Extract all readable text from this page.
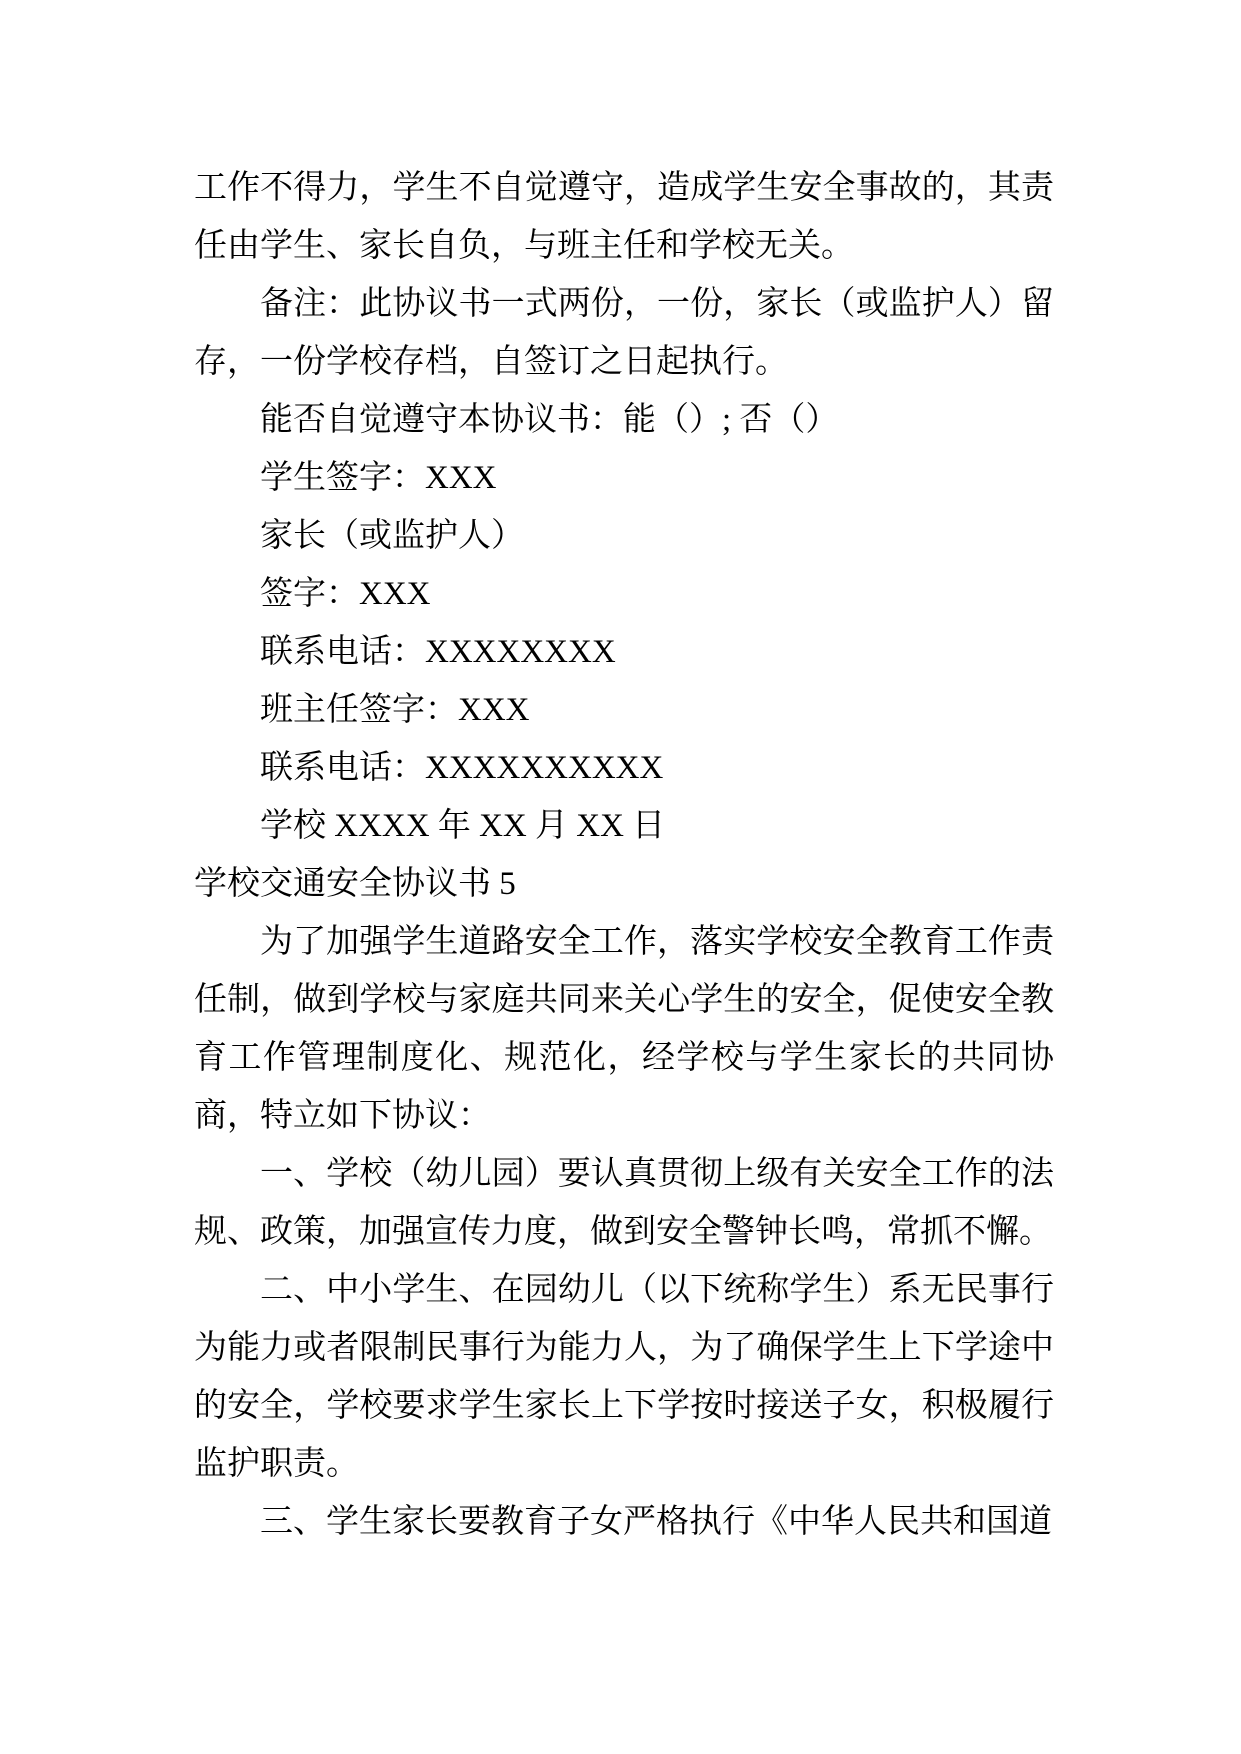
工作不得力，学生不自觉遵守，造成学生安全事故的，其责任由学生、家长自负，与班主任和学校无关。

备注：此协议书一式两份，一份，家长（或监护人）留存，一份学校存档，自签订之日起执行。

能否自觉遵守本协议书：能（）; 否（）

学生签字：XXX

家长（或监护人）

签字：XXX

联系电话：XXXXXXXX

班主任签字：XXX

联系电话：XXXXXXXXXX

学校 XXXX 年 XX 月 XX 日

学校交通安全协议书 5

为了加强学生道路安全工作，落实学校安全教育工作责任制，做到学校与家庭共同来关心学生的安全，促使安全教育工作管理制度化、规范化，经学校与学生家长的共同协商，特立如下协议：

一、学校（幼儿园）要认真贯彻上级有关安全工作的法规、政策，加强宣传力度，做到安全警钟长鸣，常抓不懈。

二、中小学生、在园幼儿（以下统称学生）系无民事行为能力或者限制民事行为能力人，为了确保学生上下学途中的安全，学校要求学生家长上下学按时接送子女，积极履行监护职责。

三、学生家长要教育子女严格执行《中华人民共和国道
